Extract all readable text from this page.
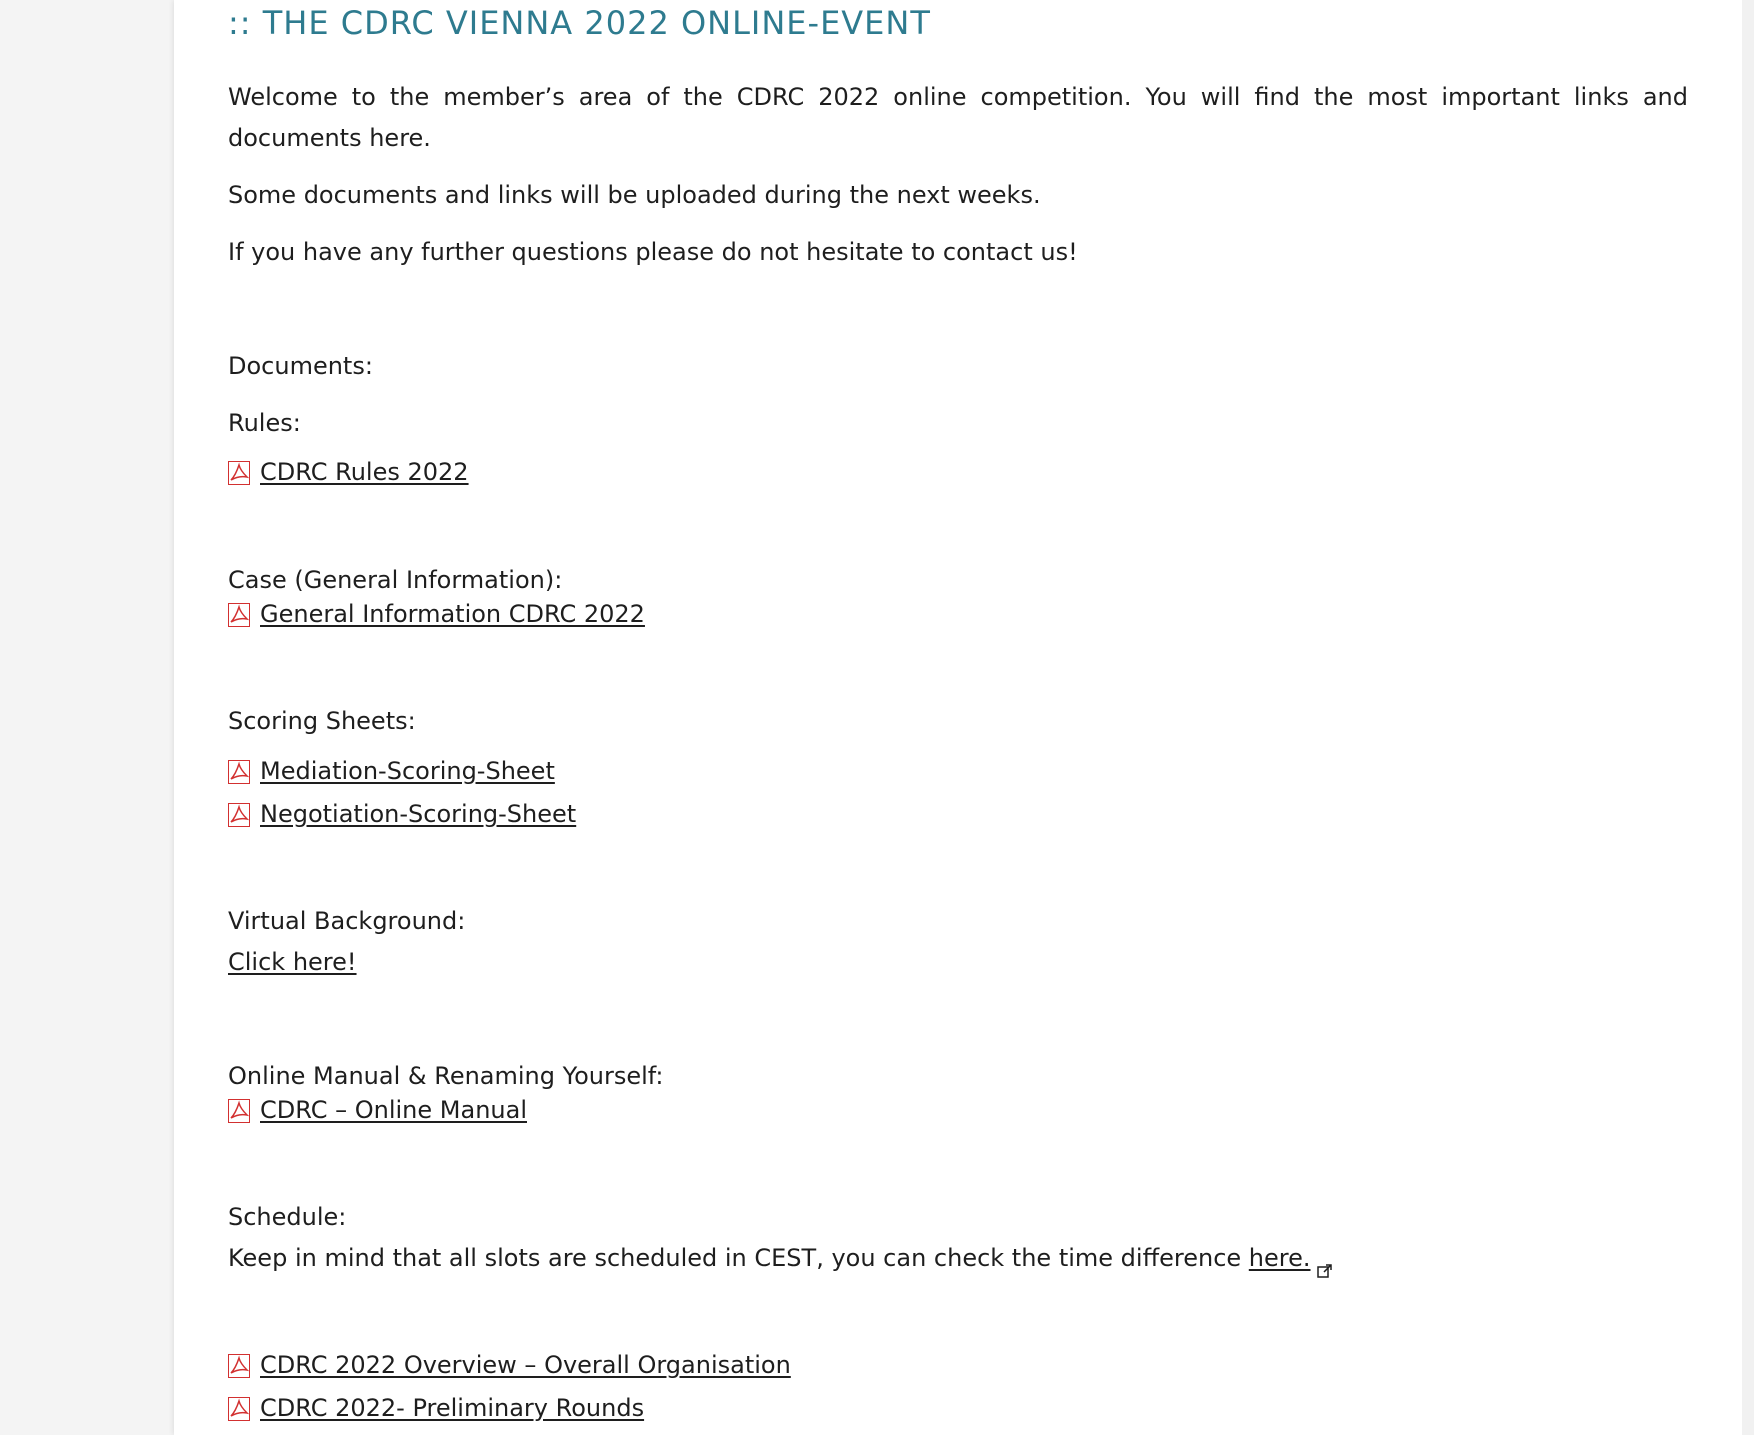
:: THE CDRC VIENNA 2022 ONLINE-EVENT
Welcome to the member’s area of the CDRC 2022 online competition. You will find the most important links and documents here.
Some documents and links will be uploaded during the next weeks.
If you have any further questions please do not hesitate to contact us!
Documents:
Rules:
CDRC Rules 2022
Case (General Information):
General Information CDRC 2022
Scoring Sheets:
Mediation-Scoring-Sheet
Negotiation-Scoring-Sheet
Virtual Background:
Click here!
Online Manual & Renaming Yourself:
CDRC – Online Manual
Schedule:
Keep in mind that all slots are scheduled in CEST, you can check the time difference here.
CDRC 2022 Overview – Overall Organisation
CDRC 2022- Preliminary Rounds
